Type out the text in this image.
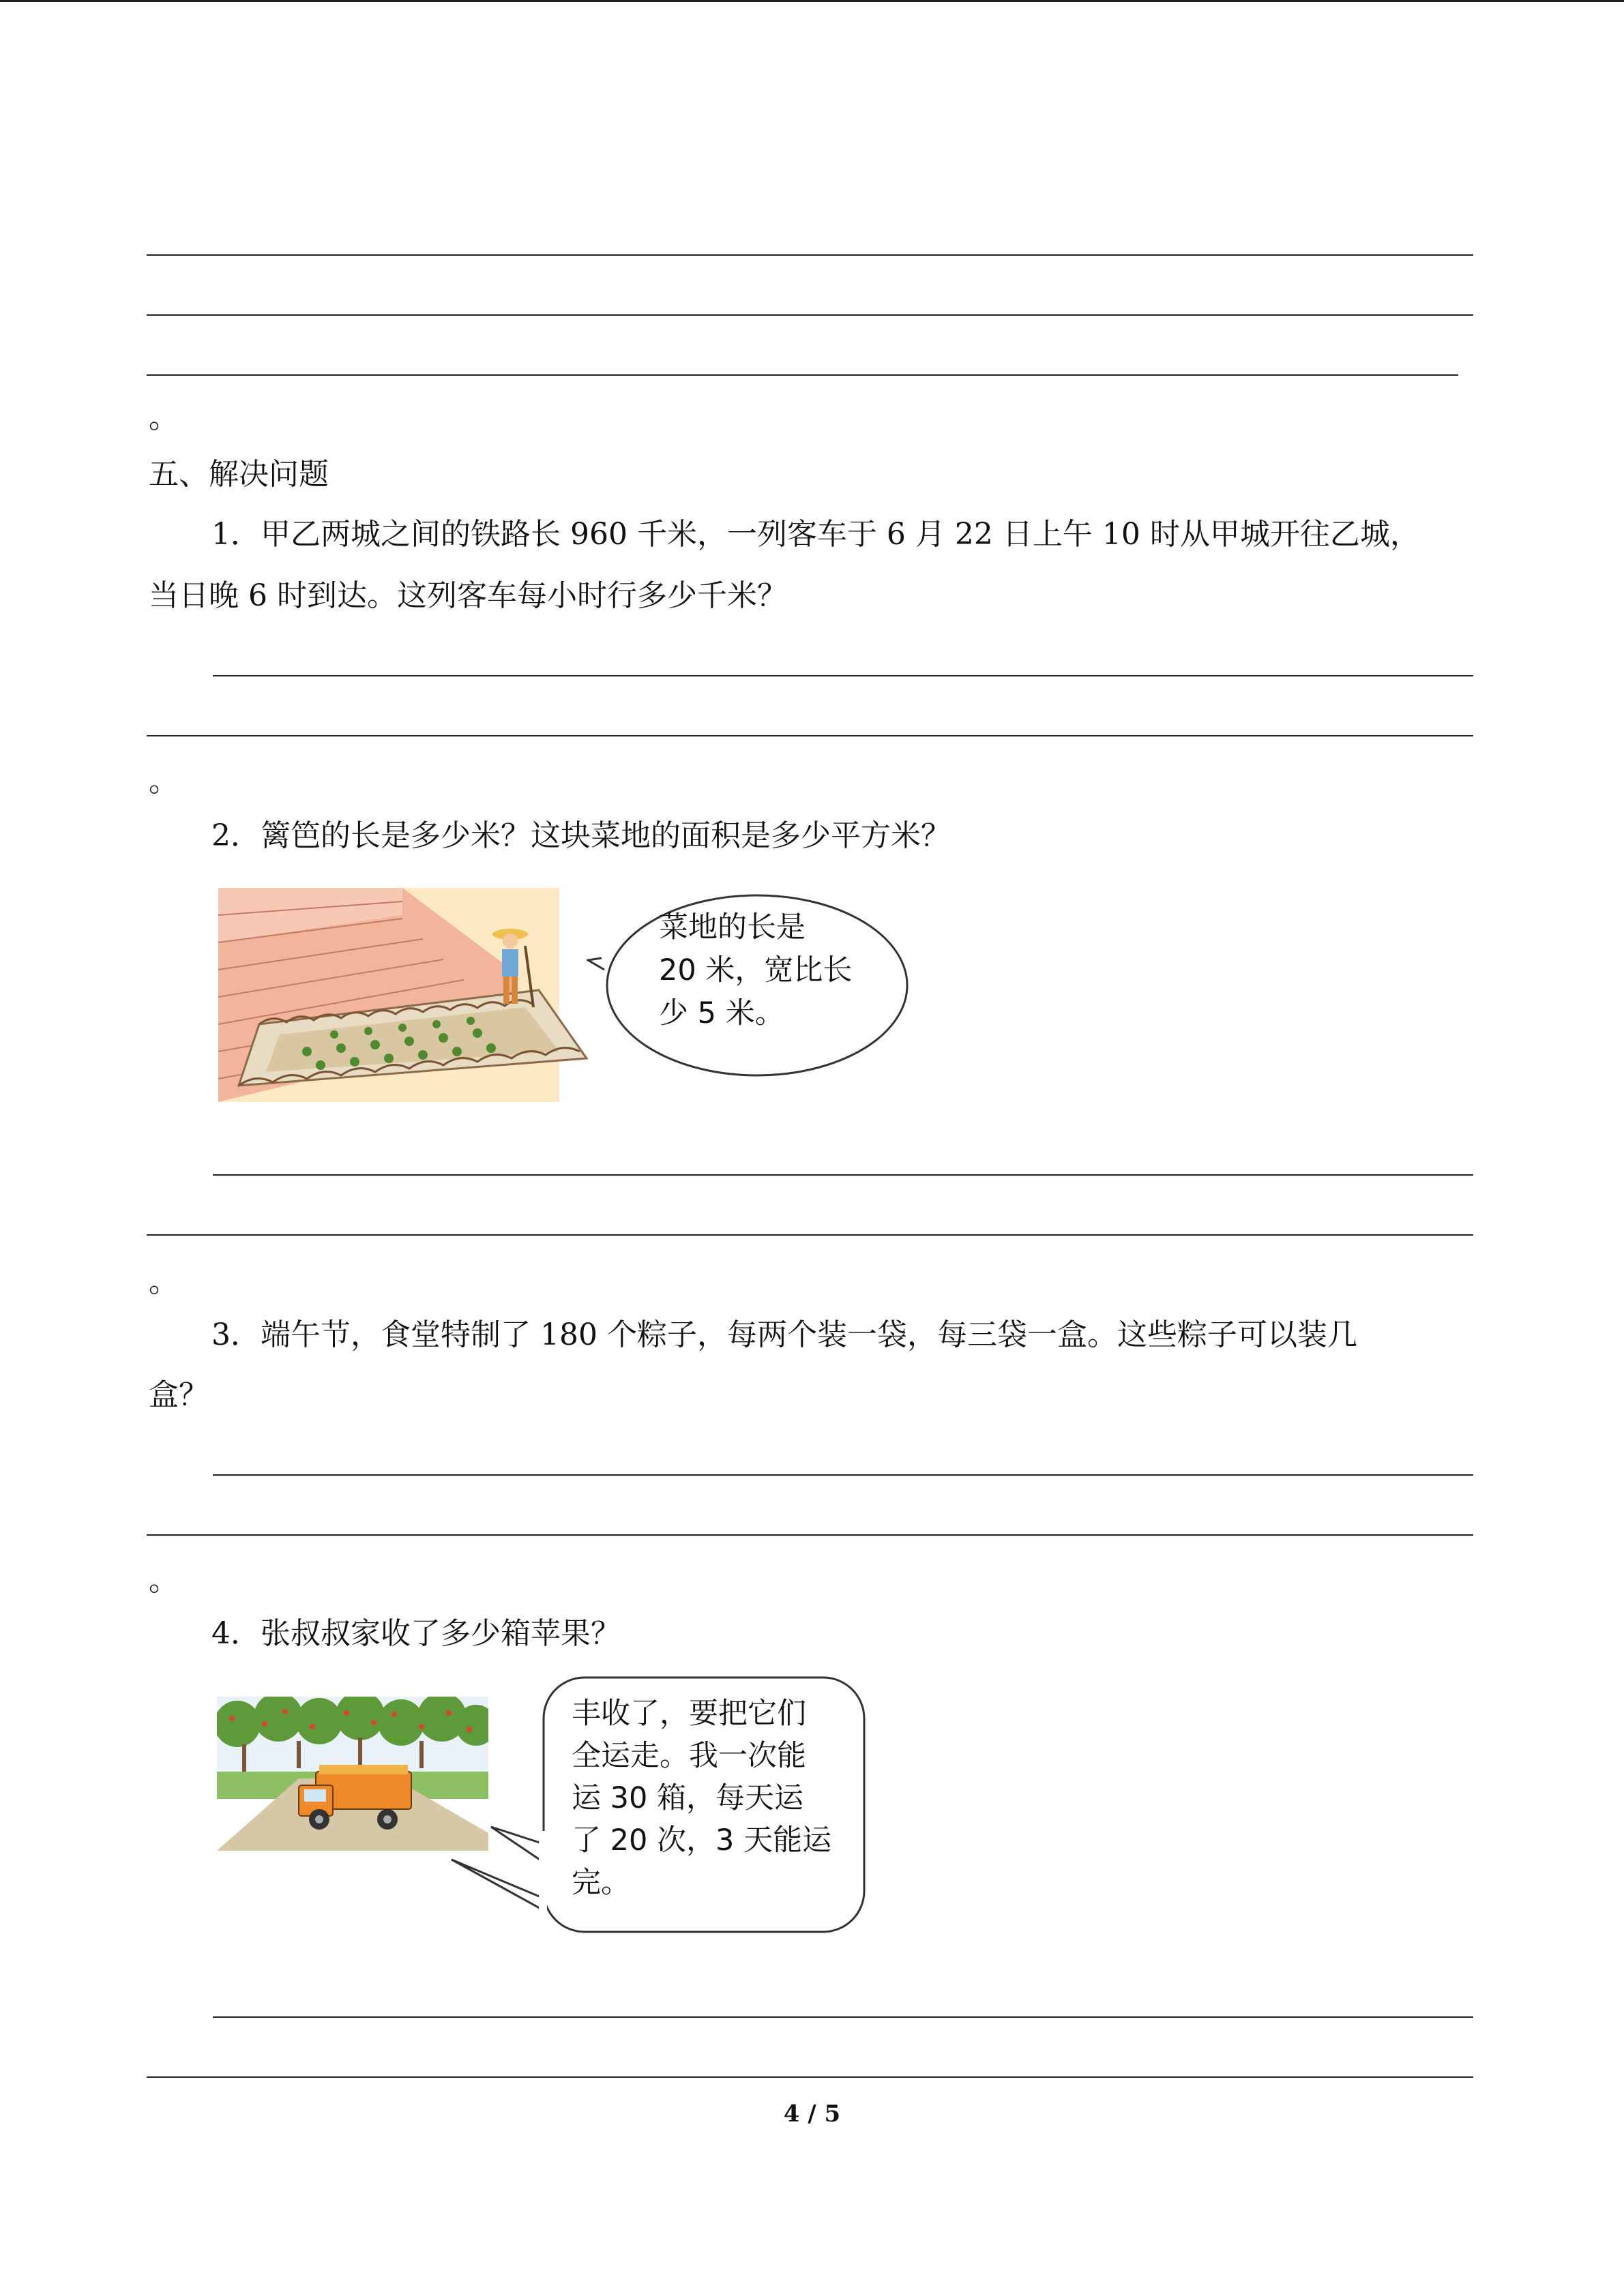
。
五、解决问题
1．甲乙两城之间的铁路长 960 千米，一列客车于 6 月 22 日上午 10 时从甲城开往乙城，
当日晚 6 时到达。这列客车每小时行多少千米？
。
2．篱笆的长是多少米？这块菜地的面积是多少平方米？
菜地的长是
20 米，宽比长
少 5 米。
。
3．端午节，食堂特制了 180 个粽子，每两个装一袋，每三袋一盒。这些粽子可以装几
盒？
。
4．张叔叔家收了多少箱苹果？
丰收了，要把它们
全运走。我一次能
运 30 箱，每天运
了 20 次，3 天能运
完。
4 / 5
